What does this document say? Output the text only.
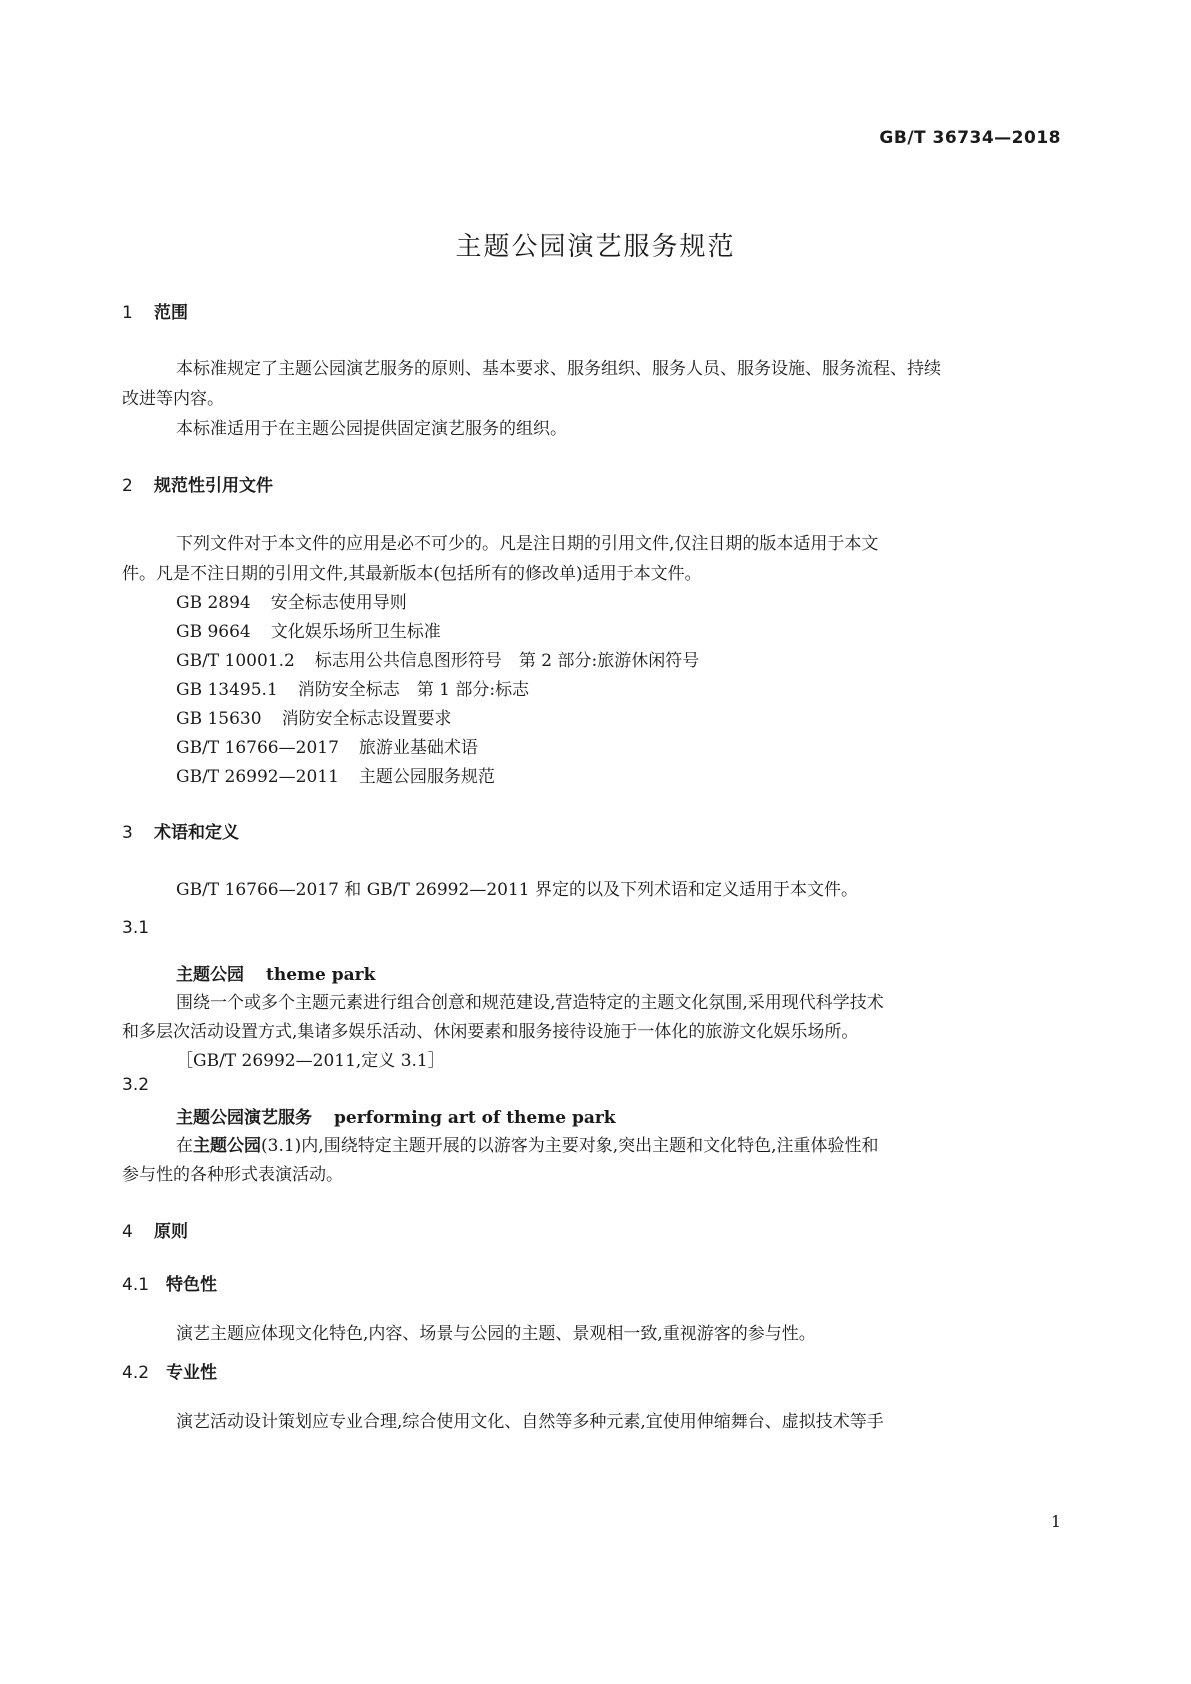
GB/T 36734—2018
主题公园演艺服务规范
1 范围
本标准规定了主题公园演艺服务的原则、基本要求、服务组织、服务人员、服务设施、服务流程、持续
改进等内容。
本标准适用于在主题公园提供固定演艺服务的组织。
2 规范性引用文件
下列文件对于本文件的应用是必不可少的。凡是注日期的引用文件,仅注日期的版本适用于本文
件。凡是不注日期的引用文件,其最新版本(包括所有的修改单)适用于本文件。
GB 2894 安全标志使用导则
GB 9664 文化娱乐场所卫生标准
GB/T 10001.2 标志用公共信息图形符号　第 2 部分:旅游休闲符号
GB 13495.1 消防安全标志　第 1 部分:标志
GB 15630 消防安全标志设置要求
GB/T 16766—2017 旅游业基础术语
GB/T 26992—2011 主题公园服务规范
3 术语和定义
GB/T 16766—2017 和 GB/T 26992—2011 界定的以及下列术语和定义适用于本文件。
3.1
主题公园 theme park
围绕一个或多个主题元素进行组合创意和规范建设,营造特定的主题文化氛围,采用现代科学技术
和多层次活动设置方式,集诸多娱乐活动、休闲要素和服务接待设施于一体化的旅游文化娱乐场所。
［GB/T 26992—2011,定义 3.1］
3.2
主题公园演艺服务 performing art of theme park
在主题公园(3.1)内,围绕特定主题开展的以游客为主要对象,突出主题和文化特色,注重体验性和
参与性的各种形式表演活动。
4 原则
4.1 特色性
演艺主题应体现文化特色,内容、场景与公园的主题、景观相一致,重视游客的参与性。
4.2 专业性
演艺活动设计策划应专业合理,综合使用文化、自然等多种元素,宜使用伸缩舞台、虚拟技术等手
1
